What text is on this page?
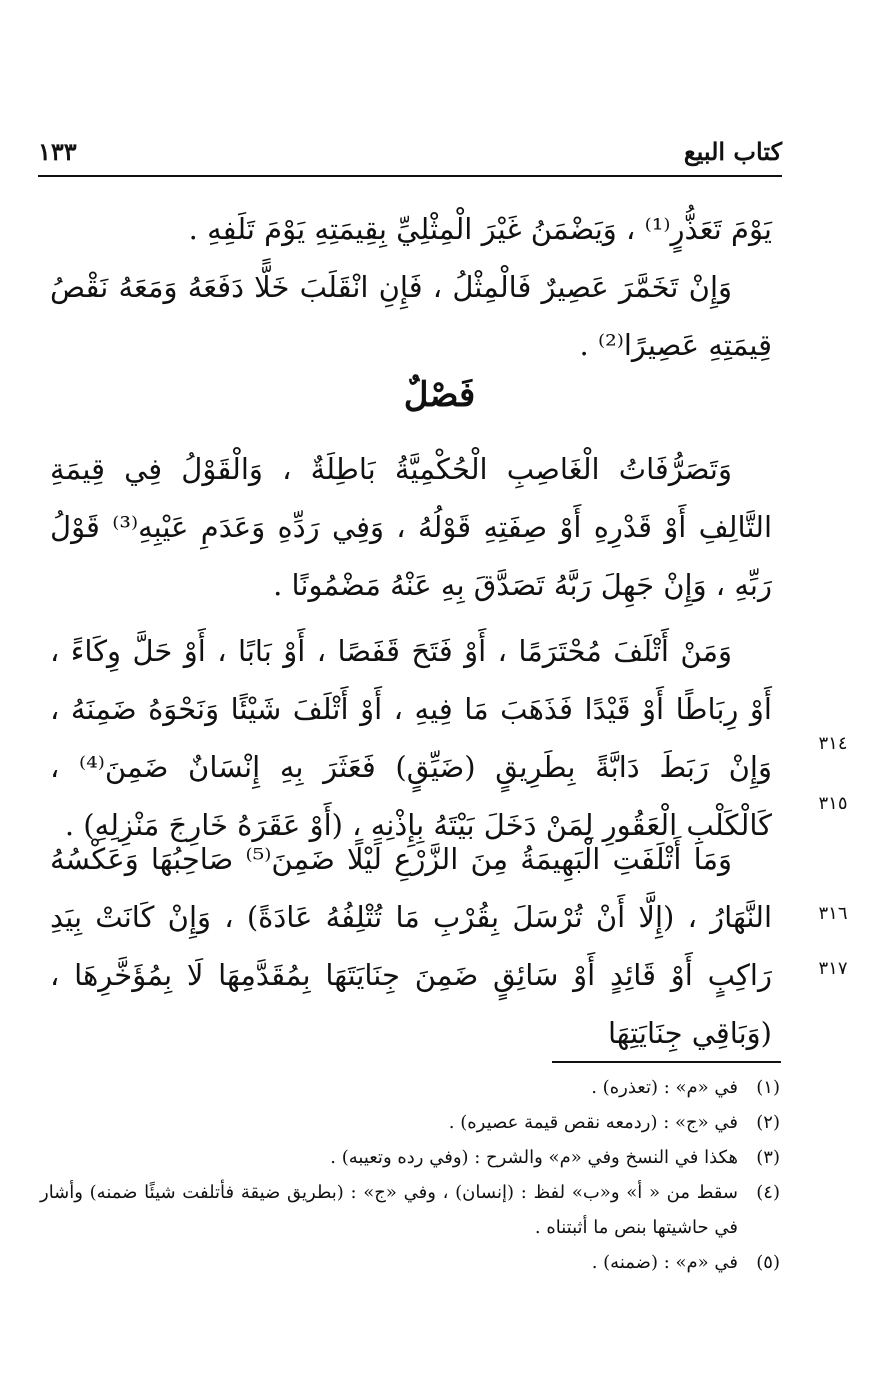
كتاب البيع
١٣٣

يَوْمَ تَعَذُّرٍ⁽¹⁾ ، وَيَضْمَنُ غَيْرَ الْمِثْلِيِّ بِقِيمَتِهِ يَوْمَ تَلَفِهِ .

وَإِنْ تَخَمَّرَ عَصِيرٌ فَالْمِثْلُ ، فَإِنِ انْقَلَبَ خَلًّا دَفَعَهُ وَمَعَهُ نَقْصُ قِيمَتِهِ عَصِيرًا⁽²⁾ .

فَصْلٌ

وَتَصَرُّفَاتُ الْغَاصِبِ الْحُكْمِيَّةُ بَاطِلَةٌ ، وَالْقَوْلُ فِي قِيمَةِ التَّالِفِ أَوْ قَدْرِهِ أَوْ صِفَتِهِ قَوْلُهُ ، وَفِي رَدِّهِ وَعَدَمِ عَيْبِهِ⁽³⁾ قَوْلُ رَبِّهِ ، وَإِنْ جَهِلَ رَبَّهُ تَصَدَّقَ بِهِ عَنْهُ مَضْمُونًا .

وَمَنْ أَتْلَفَ مُحْتَرَمًا ، أَوْ فَتَحَ قَفَصًا ، أَوْ بَابًا ، أَوْ حَلَّ وِكَاءً ، أَوْ رِبَاطًا أَوْ قَيْدًا فَذَهَبَ مَا فِيهِ ، أَوْ أَتْلَفَ شَيْئًا وَنَحْوَهُ ضَمِنَهُ ، وَإِنْ رَبَطَ دَابَّةً بِطَرِيقٍ (ضَيِّقٍ) فَعَثَرَ بِهِ إِنْسَانٌ ضَمِنَ⁽⁴⁾ ، كَالْكَلْبِ الْعَقُورِ لِمَنْ دَخَلَ بَيْتَهُ بِإِذْنِهِ ، (أَوْ عَقَرَهُ خَارِجَ مَنْزِلِهِ) .

وَمَا أَتْلَفَتِ الْبَهِيمَةُ مِنَ الزَّرْعِ لَيْلًا ضَمِنَ⁽⁵⁾ صَاحِبُهَا وَعَكْسُهُ النَّهَارُ ، (إِلَّا أَنْ تُرْسَلَ بِقُرْبِ مَا تُتْلِفُهُ عَادَةً) ، وَإِنْ كَانَتْ بِيَدِ رَاكِبٍ أَوْ قَائِدٍ أَوْ سَائِقٍ ضَمِنَ جِنَايَتَهَا بِمُقَدَّمِهَا لَا بِمُؤَخَّرِهَا ، (وَبَاقِي جِنَايَتِهَا

٣١٤
٣١٥
٣١٦
٣١٧
(١)
في «م» : (تعذره) .
(٢)
في «ج» : (ردمعه نقص قيمة عصيره) .
(٣)
هكذا في النسخ وفي «م» والشرح : (وفي رده وتعيبه) .
(٤)
سقط من « أ» و«ب» لفظ : (إنسان) ، وفي «ج» : (بطريق ضيقة فأتلفت شيئًا ضمنه) وأشار في حاشيتها بنص ما أثبتناه .
(٥)
في «م» : (ضمنه) .
